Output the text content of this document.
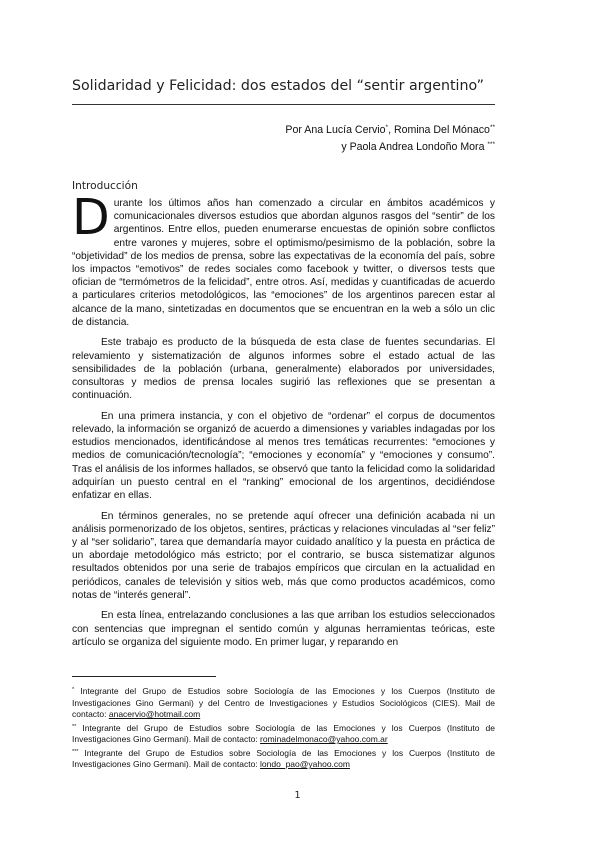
Solidaridad y Felicidad: dos estados del “sentir argentino”
Por Ana Lucía Cervio*, Romina Del Mónaco**
y Paola Andrea Londoño Mora ***
Introducción

Durante los últimos años han comenzado a circular en ámbitos académicos y comunicacionales diversos estudios que abordan algunos rasgos del “sentir” de los argentinos. Entre ellos, pueden enumerarse encuestas de opinión sobre conflictos entre varones y mujeres, sobre el optimismo/pesimismo de la población, sobre la “objetividad” de los medios de prensa, sobre las expectativas de la economía del país, sobre los impactos “emotivos” de redes sociales como facebook y twitter, o diversos tests que ofician de “termómetros de la felicidad”, entre otros. Así, medidas y cuantificadas de acuerdo a particulares criterios metodológicos, las “emociones” de los argentinos parecen estar al alcance de la mano, sintetizadas en documentos que se encuentran en la web a sólo un clic de distancia.

Este trabajo es producto de la búsqueda de esta clase de fuentes secundarias. El relevamiento y sistematización de algunos informes sobre el estado actual de las sensibilidades de la población (urbana, generalmente) elaborados por universidades, consultoras y medios de prensa locales sugirió las reflexiones que se presentan a continuación.

En una primera instancia, y con el objetivo de “ordenar” el corpus de documentos relevado, la información se organizó de acuerdo a dimensiones y variables indagadas por los estudios mencionados, identificándose al menos tres temáticas recurrentes: “emociones y medios de comunicación/tecnología”; “emociones y economía” y “emociones y consumo”. Tras el análisis de los informes hallados, se observó que tanto la felicidad como la solidaridad adquirían un puesto central en el “ranking” emocional de los argentinos, decidiéndose enfatizar en ellas.

En términos generales, no se pretende aquí ofrecer una definición acabada ni un análisis pormenorizado de los objetos, sentires, prácticas y relaciones vinculadas al “ser feliz” y al “ser solidario”, tarea que demandaría mayor cuidado analítico y la puesta en práctica de un abordaje metodológico más estricto; por el contrario, se busca sistematizar algunos resultados obtenidos por una serie de trabajos empíricos que circulan en la actualidad en periódicos, canales de televisión y sitios web, más que como productos académicos, como notas de “interés general”.

En esta línea, entrelazando conclusiones a las que arriban los estudios seleccionados con sentencias que impregnan el sentido común y algunas herramientas teóricas, este artículo se organiza del siguiente modo. En primer lugar, y reparando en

* Integrante del Grupo de Estudios sobre Sociología de las Emociones y los Cuerpos (Instituto de Investigaciones Gino Germani) y del Centro de Investigaciones y Estudios Sociológicos (CIES). Mail de contacto: anacervio@hotmail.com
** Integrante del Grupo de Estudios sobre Sociología de las Emociones y los Cuerpos (Instituto de Investigaciones Gino Germani). Mail de contacto: rominadelmonaco@yahoo.com.ar
*** Integrante del Grupo de Estudios sobre Sociología de las Emociones y los Cuerpos (Instituto de Investigaciones Gino Germani). Mail de contacto: londo_pao@yahoo.com
1
